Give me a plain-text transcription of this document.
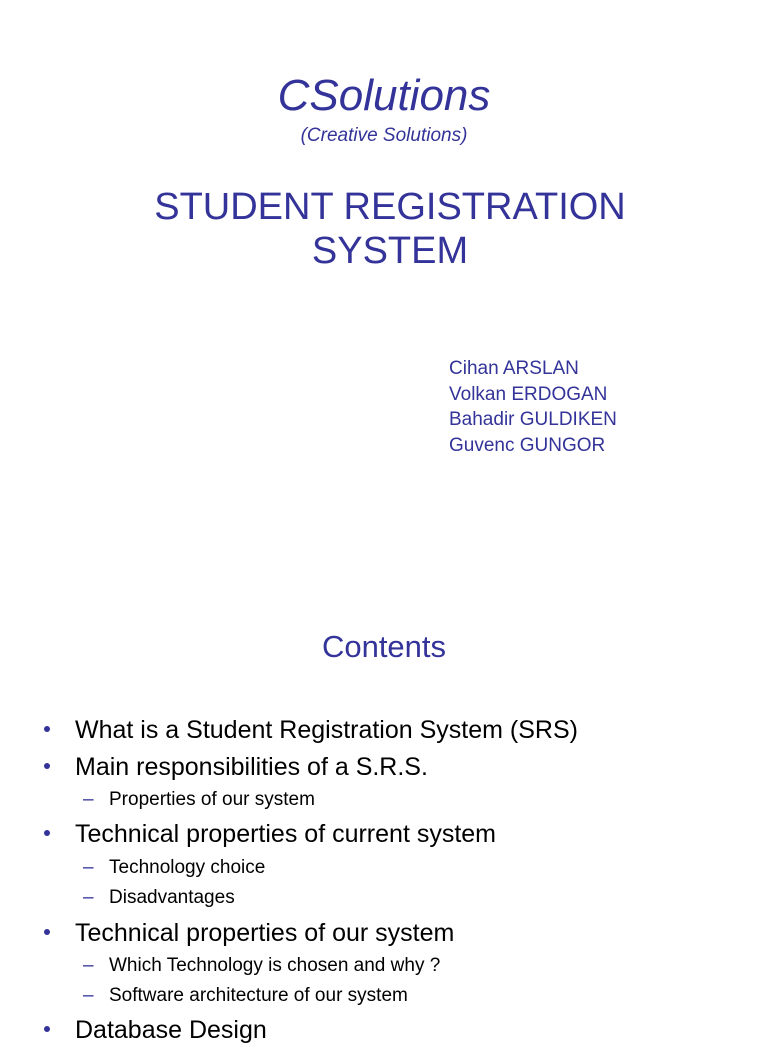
CSolutions
(Creative Solutions)
STUDENT REGISTRATION
SYSTEM
Cihan ARSLAN
Volkan ERDOGAN
Bahadir GULDIKEN
Guvenc GUNGOR
Contents
What is a Student Registration System (SRS)
Main responsibilities of a S.R.S.
– Properties of our system
Technical properties of current system
– Technology choice
– Disadvantages
Technical properties of our system
– Which Technology is chosen and why ?
– Software architecture of our system
Database Design
